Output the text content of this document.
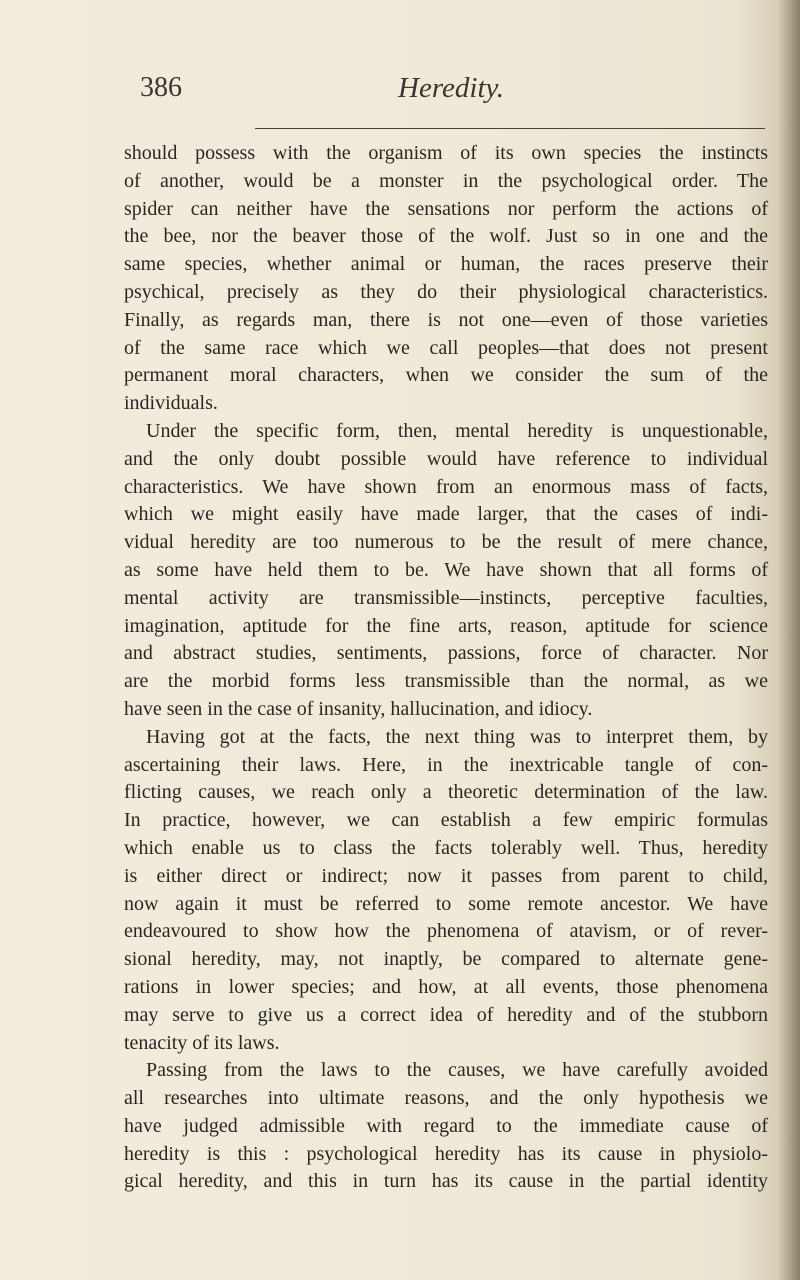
386	Heredity.
should possess with the organism of its own species the instincts
of another, would be a monster in the psychological order. The
spider can neither have the sensations nor perform the actions of
the bee, nor the beaver those of the wolf. Just so in one and the
same species, whether animal or human, the races preserve their
psychical, precisely as they do their physiological characteristics.
Finally, as regards man, there is not one—even of those varieties
of the same race which we call peoples—that does not present
permanent moral characters, when we consider the sum of the
individuals.
Under the specific form, then, mental heredity is unquestionable,
and the only doubt possible would have reference to individual
characteristics. We have shown from an enormous mass of facts,
which we might easily have made larger, that the cases of indi-
vidual heredity are too numerous to be the result of mere chance,
as some have held them to be. We have shown that all forms of
mental activity are transmissible—instincts, perceptive faculties,
imagination, aptitude for the fine arts, reason, aptitude for science
and abstract studies, sentiments, passions, force of character. Nor
are the morbid forms less transmissible than the normal, as we
have seen in the case of insanity, hallucination, and idiocy.
Having got at the facts, the next thing was to interpret them, by
ascertaining their laws. Here, in the inextricable tangle of con-
flicting causes, we reach only a theoretic determination of the law.
In practice, however, we can establish a few empiric formulas
which enable us to class the facts tolerably well. Thus, heredity
is either direct or indirect; now it passes from parent to child,
now again it must be referred to some remote ancestor. We have
endeavoured to show how the phenomena of atavism, or of rever-
sional heredity, may, not inaptly, be compared to alternate gene-
rations in lower species; and how, at all events, those phenomena
may serve to give us a correct idea of heredity and of the stubborn
tenacity of its laws.
Passing from the laws to the causes, we have carefully avoided
all researches into ultimate reasons, and the only hypothesis we
have judged admissible with regard to the immediate cause of
heredity is this : psychological heredity has its cause in physiolo-
gical heredity, and this in turn has its cause in the partial identity
